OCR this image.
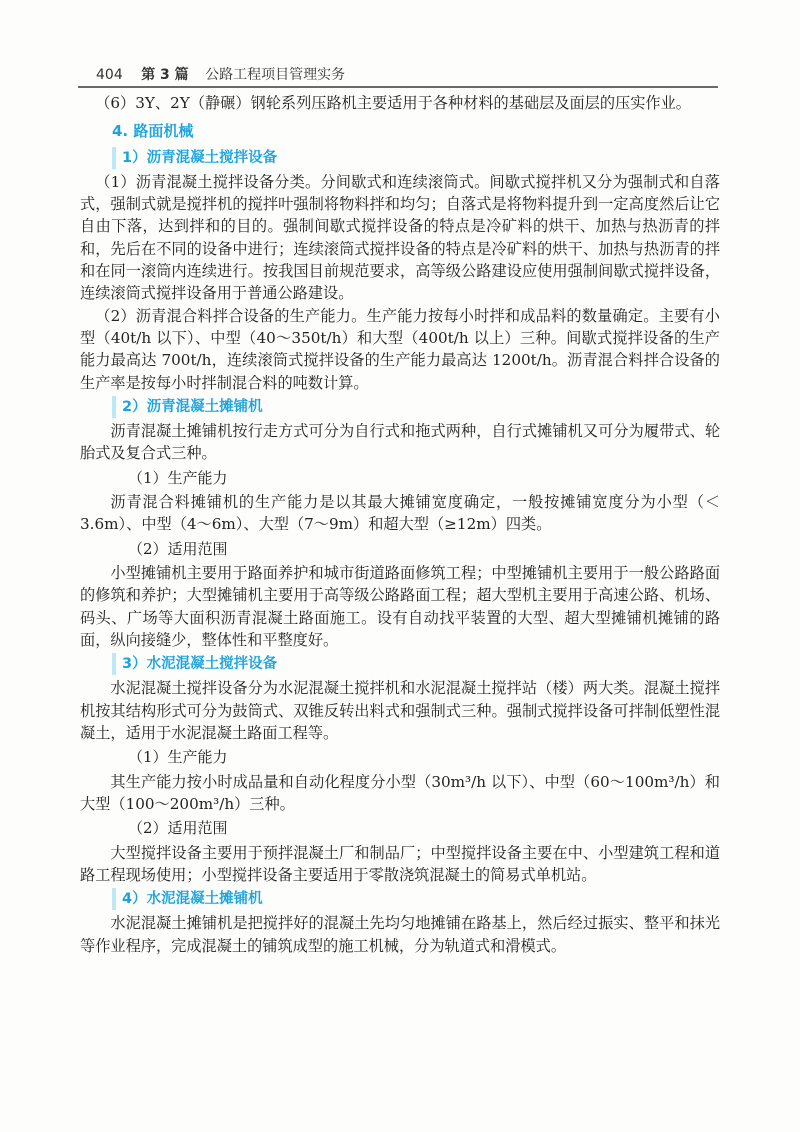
404 第 3 篇 公路工程项目管理实务

（6）3Y、2Y（静碾）钢轮系列压路机主要适用于各种材料的基础层及面层的压实作业。

4. 路面机械
1）沥青混凝土搅拌设备

（1）沥青混凝土搅拌设备分类。分间歇式和连续滚筒式。间歇式搅拌机又分为强制式和自落式，强制式就是搅拌机的搅拌叶强制将物料拌和均匀；自落式是将物料提升到一定高度然后让它自由下落，达到拌和的目的。强制间歇式搅拌设备的特点是冷矿料的烘干、加热与热沥青的拌和，先后在不同的设备中进行；连续滚筒式搅拌设备的特点是冷矿料的烘干、加热与热沥青的拌和在同一滚筒内连续进行。按我国目前规范要求，高等级公路建设应使用强制间歇式搅拌设备，连续滚筒式搅拌设备用于普通公路建设。

（2）沥青混合料拌合设备的生产能力。生产能力按每小时拌和成品料的数量确定。主要有小型（40t/h 以下）、中型（40～350t/h）和大型（400t/h 以上）三种。间歇式搅拌设备的生产能力最高达 700t/h，连续滚筒式搅拌设备的生产能力最高达 1200t/h。沥青混合料拌合设备的生产率是按每小时拌制混合料的吨数计算。

2）沥青混凝土摊铺机

沥青混凝土摊铺机按行走方式可分为自行式和拖式两种，自行式摊铺机又可分为履带式、轮胎式及复合式三种。

（1）生产能力

沥青混合料摊铺机的生产能力是以其最大摊铺宽度确定，一般按摊铺宽度分为小型（＜3.6m）、中型（4～6m）、大型（7～9m）和超大型（≥12m）四类。

（2）适用范围

小型摊铺机主要用于路面养护和城市街道路面修筑工程；中型摊铺机主要用于一般公路路面的修筑和养护；大型摊铺机主要用于高等级公路路面工程；超大型机主要用于高速公路、机场、码头、广场等大面积沥青混凝土路面施工。设有自动找平装置的大型、超大型摊铺机摊铺的路面，纵向接缝少，整体性和平整度好。

3）水泥混凝土搅拌设备

水泥混凝土搅拌设备分为水泥混凝土搅拌机和水泥混凝土搅拌站（楼）两大类。混凝土搅拌机按其结构形式可分为鼓筒式、双锥反转出料式和强制式三种。强制式搅拌设备可拌制低塑性混凝土，适用于水泥混凝土路面工程等。

（1）生产能力

其生产能力按小时成品量和自动化程度分小型（30m³/h 以下）、中型（60～100m³/h）和大型（100～200m³/h）三种。

（2）适用范围

大型搅拌设备主要用于预拌混凝土厂和制品厂；中型搅拌设备主要在中、小型建筑工程和道路工程现场使用；小型搅拌设备主要适用于零散浇筑混凝土的简易式单机站。

4）水泥混凝土摊铺机

水泥混凝土摊铺机是把搅拌好的混凝土先均匀地摊铺在路基上，然后经过振实、整平和抹光等作业程序，完成混凝土的铺筑成型的施工机械，分为轨道式和滑模式。
